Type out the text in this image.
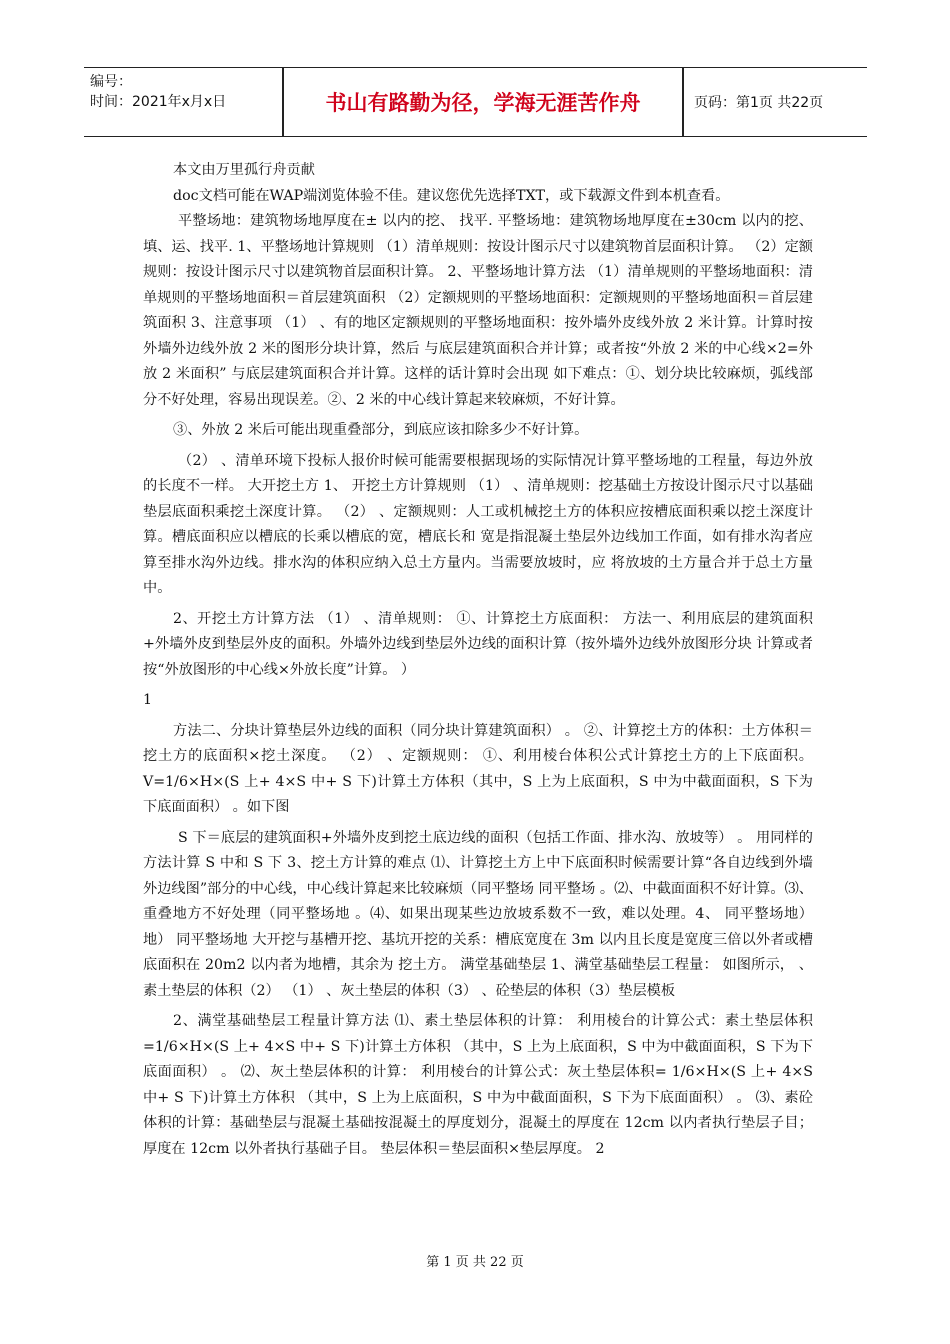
编号：
时间：2021年x月x日	书山有路勤为径，学海无涯苦作舟	页码：第1页 共22页

本文由万里孤行舟贡献

doc文档可能在WAP端浏览体验不佳。建议您优先选择TXT，或下载源文件到本机查看。

平整场地：建筑物场地厚度在± 以内的挖、 找平. 平整场地：建筑物场地厚度在±30cm 以内的挖、填、运、找平. 1、平整场地计算规则 （1）清单规则：按设计图示尺寸以建筑物首层面积计算。 （2）定额规则：按设计图示尺寸以建筑物首层面积计算。 2、平整场地计算方法 （1）清单规则的平整场地面积：清单规则的平整场地面积＝首层建筑面积 （2）定额规则的平整场地面积：定额规则的平整场地面积＝首层建筑面积 3、注意事项 （1） 、有的地区定额规则的平整场地面积：按外墙外皮线外放 2 米计算。计算时按外墙外边线外放 2 米的图形分块计算，然后 与底层建筑面积合并计算；或者按“外放 2 米的中心线×2=外放 2 米面积” 与底层建筑面积合并计算。这样的话计算时会出现 如下难点：①、划分块比较麻烦，弧线部分不好处理，容易出现误差。②、2 米的中心线计算起来较麻烦，不好计算。

③、外放 2 米后可能出现重叠部分，到底应该扣除多少不好计算。

（2） 、清单环境下投标人报价时候可能需要根据现场的实际情况计算平整场地的工程量，每边外放的长度不一样。 大开挖土方 1、 开挖土方计算规则 （1） 、清单规则：挖基础土方按设计图示尺寸以基础垫层底面积乘挖土深度计算。 （2） 、定额规则：人工或机械挖土方的体积应按槽底面积乘以挖土深度计算。槽底面积应以槽底的长乘以槽底的宽，槽底长和 宽是指混凝土垫层外边线加工作面，如有排水沟者应算至排水沟外边线。排水沟的体积应纳入总土方量内。当需要放坡时，应 将放坡的土方量合并于总土方量中。

2、开挖土方计算方法 （1） 、清单规则： ①、计算挖土方底面积： 方法一、利用底层的建筑面积+外墙外皮到垫层外皮的面积。外墙外边线到垫层外边线的面积计算（按外墙外边线外放图形分块 计算或者按“外放图形的中心线×外放长度”计算。 ）

1

方法二、分块计算垫层外边线的面积（同分块计算建筑面积） 。 ②、计算挖土方的体积：土方体积＝挖土方的底面积×挖土深度。 （2） 、定额规则： ①、利用棱台体积公式计算挖土方的上下底面积。 V=1/6×H×(S 上+ 4×S 中+ S 下)计算土方体积（其中，S 上为上底面积，S 中为中截面面积，S 下为下底面面积） 。如下图

S 下＝底层的建筑面积+外墙外皮到挖土底边线的面积（包括工作面、排水沟、放坡等） 。 用同样的方法计算 S 中和 S 下 3、挖土方计算的难点 ⑴、计算挖土方上中下底面积时候需要计算“各自边线到外墙外边线图”部分的中心线，中心线计算起来比较麻烦（同平整场 同平整场 。⑵、中截面面积不好计算。⑶、重叠地方不好处理（同平整场地 。⑷、如果出现某些边放坡系数不一致，难以处理。4、 同平整场地） 地） 同平整场地 大开挖与基槽开挖、基坑开挖的关系：槽底宽度在 3m 以内且长度是宽度三倍以外者或槽底面积在 20m2 以内者为地槽，其余为 挖土方。 满堂基础垫层 1、满堂基础垫层工程量： 如图所示， 、素土垫层的体积（2） （1） 、灰土垫层的体积（3） 、砼垫层的体积（3）垫层模板

2、满堂基础垫层工程量计算方法 ⑴、素土垫层体积的计算： 利用棱台的计算公式：素土垫层体积=1/6×H×(S 上+ 4×S 中+ S 下)计算土方体积 （其中，S 上为上底面积，S 中为中截面面积，S 下为下底面面积） 。 ⑵、灰土垫层体积的计算： 利用棱台的计算公式：灰土垫层体积= 1/6×H×(S 上+ 4×S 中+ S 下)计算土方体积 （其中，S 上为上底面积，S 中为中截面面积，S 下为下底面面积） 。 ⑶、素砼体积的计算：基础垫层与混凝土基础按混凝土的厚度划分，混凝土的厚度在 12cm 以内者执行垫层子目；厚度在 12cm 以外者执行基础子目。 垫层体积＝垫层面积×垫层厚度。 2

第 1 页 共 22 页
